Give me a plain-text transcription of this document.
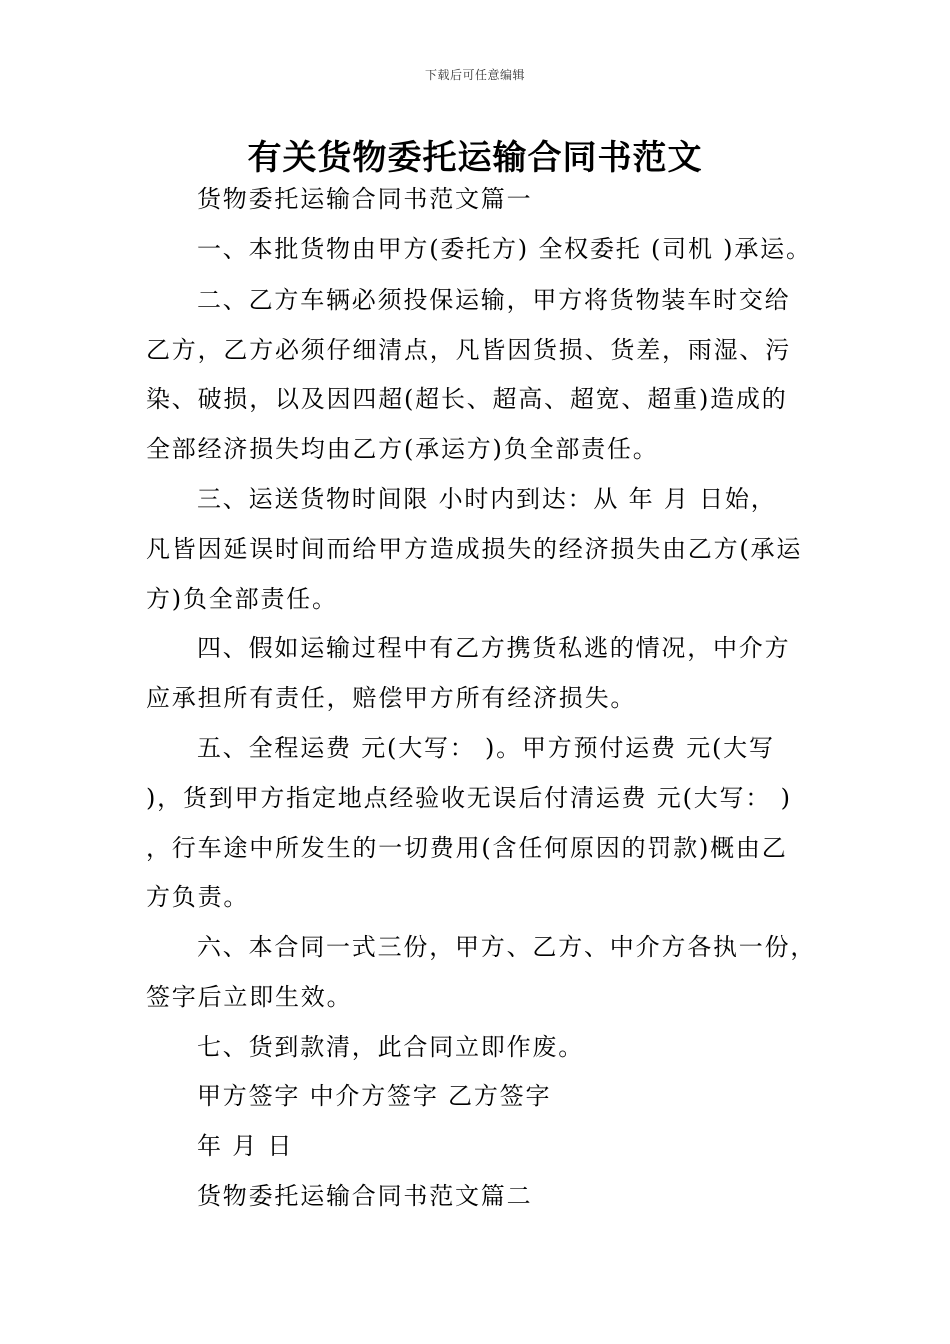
下载后可任意编辑
有关货物委托运输合同书范文

货物委托运输合同书范文篇一

一、本批货物由甲方(委托方) 全权委托 (司机 )承运。

二、乙方车辆必须投保运输，甲方将货物装车时交给

乙方，乙方必须仔细清点，凡皆因货损、货差，雨湿、污

染、破损，以及因四超(超长、超高、超宽、超重)造成的

全部经济损失均由乙方(承运方)负全部责任。

三、运送货物时间限 小时内到达：从 年 月 日始，

凡皆因延误时间而给甲方造成损失的经济损失由乙方(承运

方)负全部责任。

四、假如运输过程中有乙方携货私逃的情况，中介方

应承担所有责任，赔偿甲方所有经济损失。

五、全程运费 元(大写： )。甲方预付运费 元(大写

)，货到甲方指定地点经验收无误后付清运费 元(大写： )

，行车途中所发生的一切费用(含任何原因的罚款)概由乙

方负责。

六、本合同一式三份，甲方、乙方、中介方各执一份，

签字后立即生效。

七、货到款清，此合同立即作废。

甲方签字 中介方签字 乙方签字

年 月 日

货物委托运输合同书范文篇二
